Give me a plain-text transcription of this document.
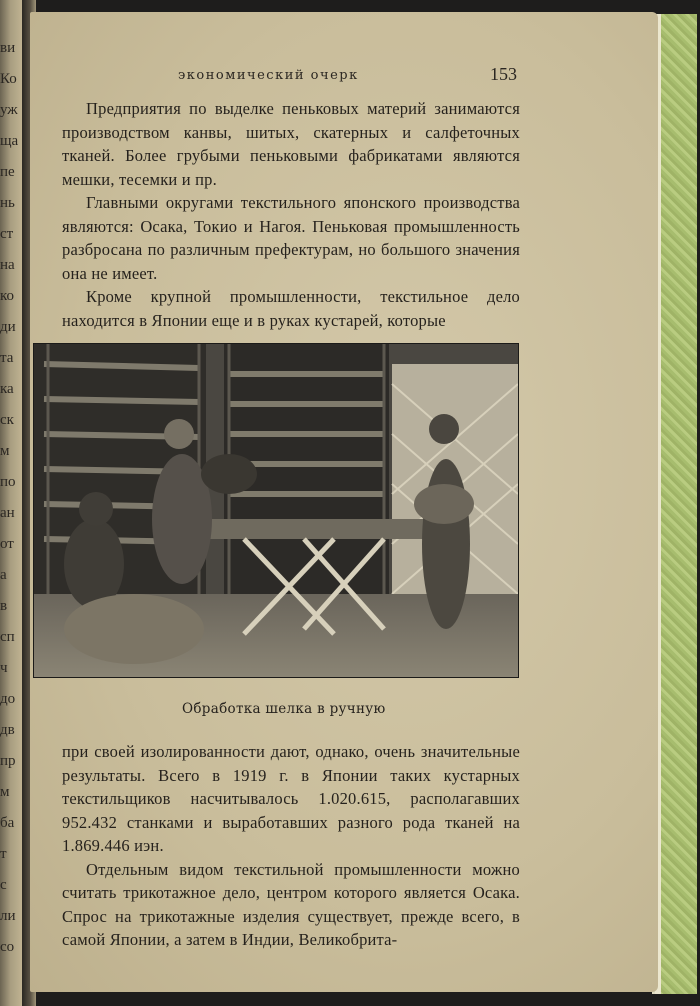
ви
Ко
уж
ща
пе
нь
ст
на
ко
ди
та
ка
ск
м
по
ан
от
а
в
сп
ч
до
дв
пр
м
ба
т
с
ли
со
экономический очерк	153

Предприятия по выделке пеньковых материй занимаются производством канвы, шитых, скатерных и салфеточных тканей. Более грубыми пеньковыми фабрикатами являются мешки, тесемки и пр.

Главными округами текстильного японского производства являются: Осака, Токио и Нагоя. Пеньковая промышленность разбросана по различным префектурам, но большого значения она не имеет.

Кроме крупной промышленности, текстильное дело находится в Японии еще и в руках кустарей, которые

Обработка шелка в ручную

при своей изолированности дают, однако, очень значительные результаты. Всего в 1919 г. в Японии таких кустарных текстильщиков насчитывалось 1.020.615, располагавших 952.432 станками и выработавших разного рода тканей на 1.869.446 иэн.

Отдельным видом текстильной промышленности можно считать трикотажное дело, центром которого является Осака. Спрос на трикотажные изделия существует, прежде всего, в самой Японии, а затем в Индии, Великобрита-
